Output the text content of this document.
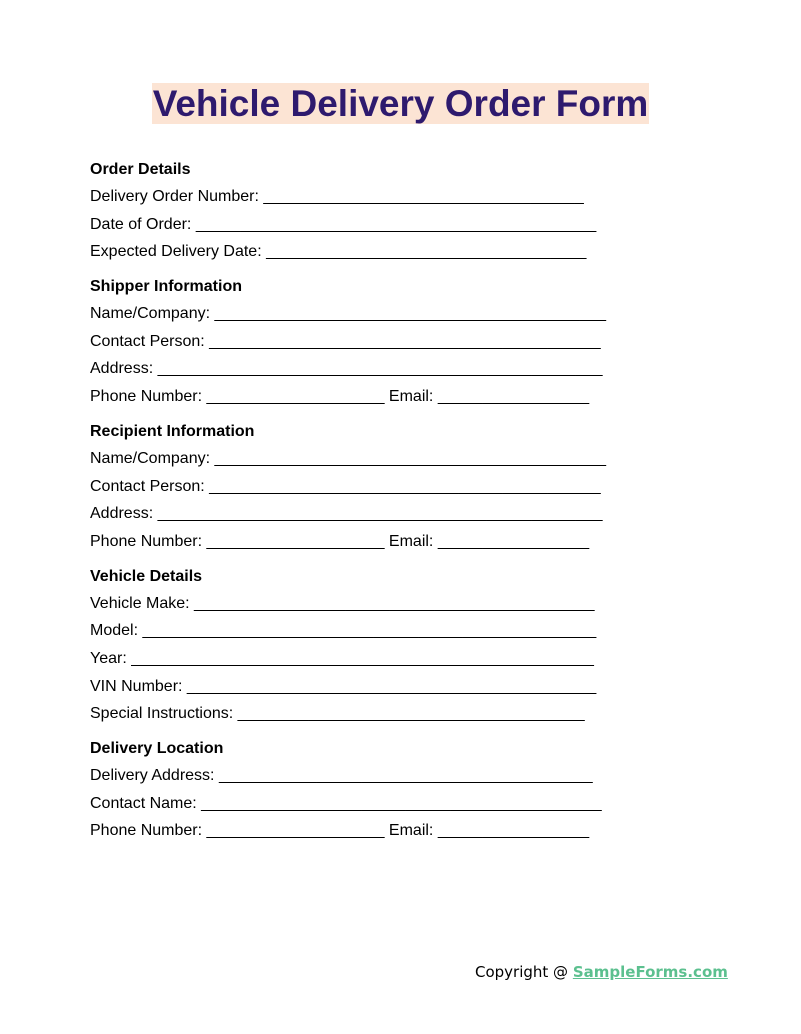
Vehicle Delivery Order Form
Order Details
Delivery Order Number: ____________________________________
Date of Order: _____________________________________________
Expected Delivery Date: ____________________________________
Shipper Information
Name/Company: ____________________________________________
Contact Person: ____________________________________________
Address: __________________________________________________
Phone Number: ____________________ Email: _________________
Recipient Information
Name/Company: ____________________________________________
Contact Person: ____________________________________________
Address: __________________________________________________
Phone Number: ____________________ Email: _________________
Vehicle Details
Vehicle Make: _____________________________________________
Model: ___________________________________________________
Year: ____________________________________________________
VIN Number: ______________________________________________
Special Instructions: _______________________________________
Delivery Location
Delivery Address: __________________________________________
Contact Name: _____________________________________________
Phone Number: ____________________ Email: _________________
Copyright @ SampleForms.com
